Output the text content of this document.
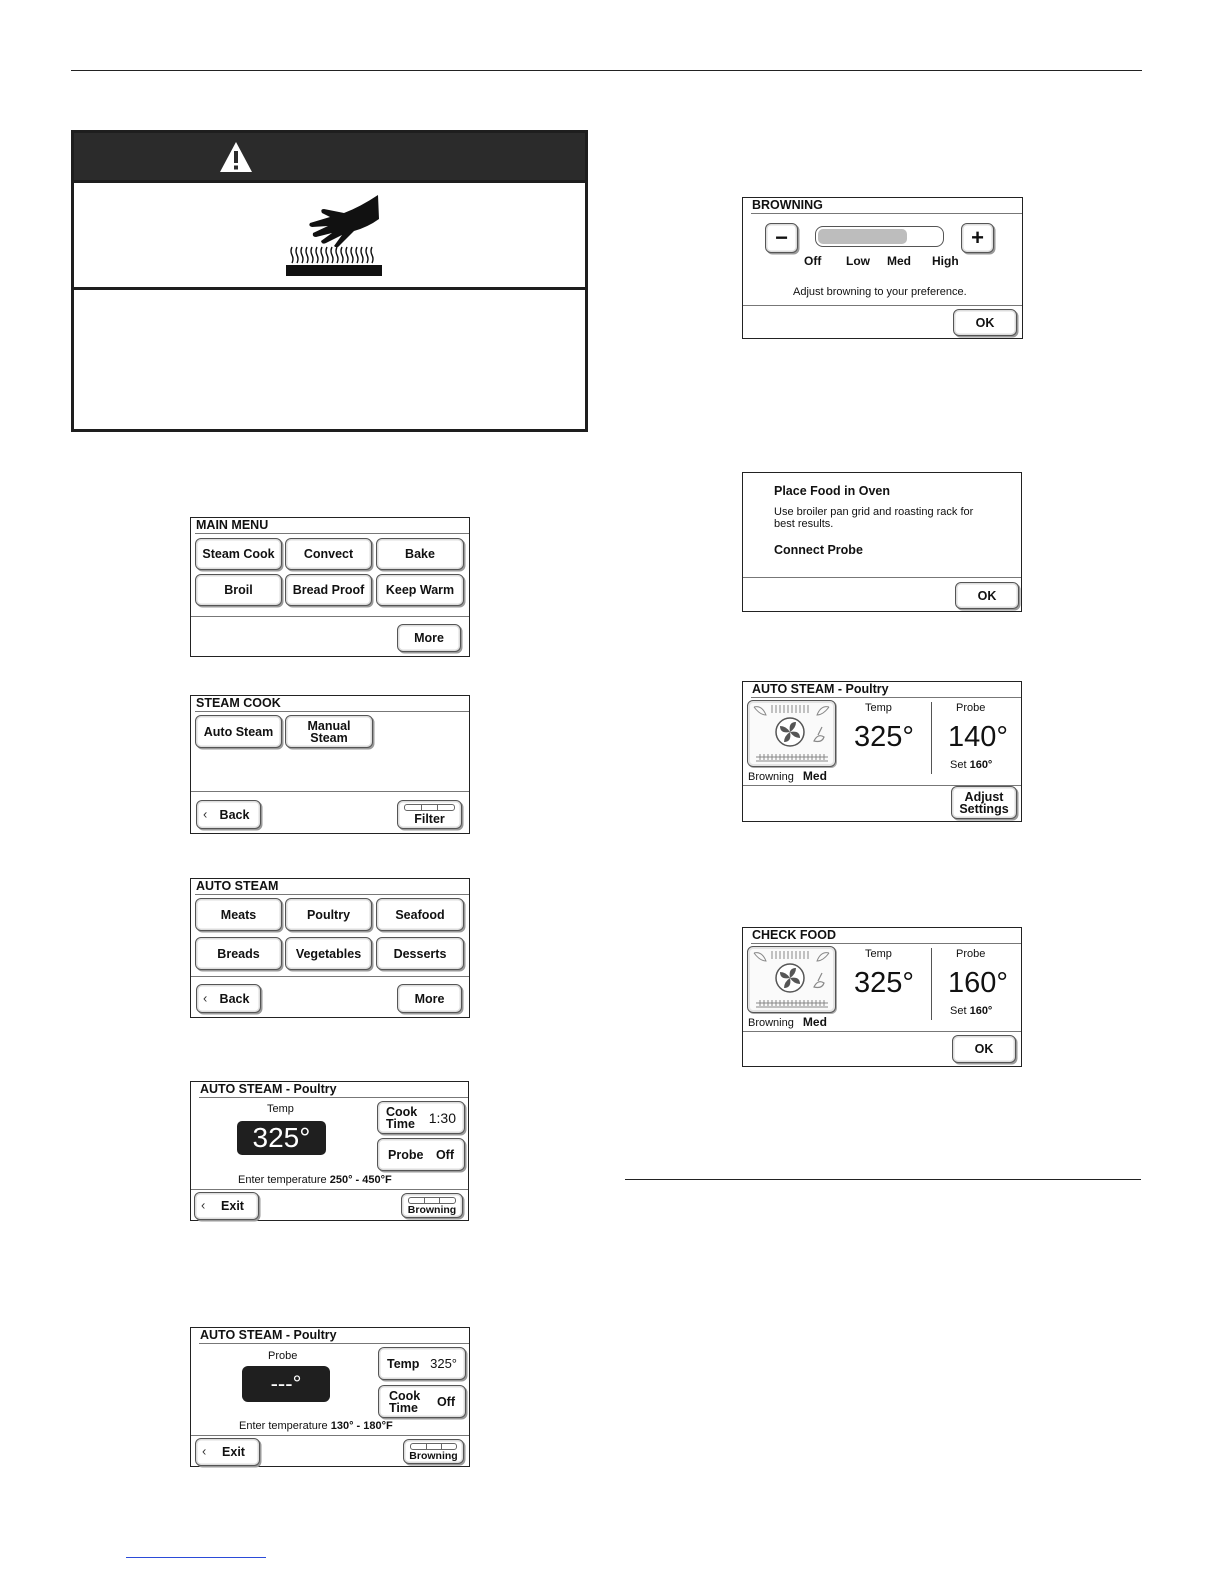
MAIN MENU
Steam Cook	Convect	Bake
Broil	Bread Proof	Keep Warm
More
STEAM COOK
Auto Steam	Manual
Steam
‹ Back	Filter
AUTO STEAM
Meats	Poultry	Seafood
Breads	Vegetables	Desserts
‹ Back	More
AUTO STEAM - Poultry
Temp
325°
Cook
Time 1:30
Probe Off
Enter temperature 250° - 450°F
‹ Exit	Browning
AUTO STEAM - Poultry
Probe
---°
Temp 325°
Cook
Time Off
Enter temperature 130° - 180°F
‹ Exit	Browning
BROWNING
−	+
Off Low Med High
Adjust browning to your preference.
OK
Place Food in Oven
Use broiler pan grid and roasting rack for
best results.
Connect Probe
OK
AUTO STEAM - Poultry
Browning Med
Temp
325°
Probe
140°
Set 160°
Adjust
Settings
CHECK FOOD
Browning Med
Temp
325°
Probe
160°
Set 160°
OK
